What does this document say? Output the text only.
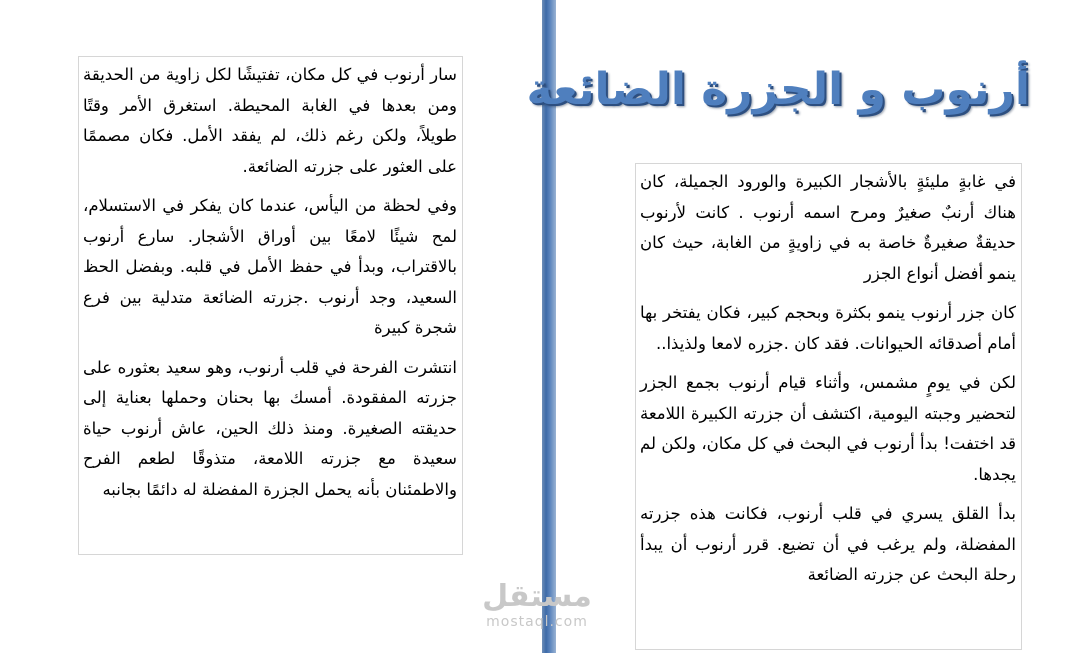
سار أرنوب في كل مكان، تفتيشًا لكل زاوية من الحديقة ومن بعدها في الغابة المحيطة. استغرق الأمر وقتًا طويلاً، ولكن رغم ذلك، لم يفقد الأمل. فكان مصممًا على العثور على جزرته الضائعة.

وفي لحظة من اليأس، عندما كان يفكر في الاستسلام، لمح شيئًا لامعًا بين أوراق الأشجار. سارع أرنوب بالاقتراب، وبدأ في حفظ الأمل في قلبه. وبفضل الحظ السعيد، وجد أرنوب .جزرته الضائعة متدلية بين فرع شجرة كبيرة

انتشرت الفرحة في قلب أرنوب، وهو سعيد بعثوره على جزرته المفقودة. أمسك بها بحنان وحملها بعناية إلى حديقته الصغيرة. ومنذ ذلك الحين، عاش أرنوب حياة سعيدة مع جزرته اللامعة، متذوقًا لطعم الفرح والاطمئنان بأنه يحمل الجزرة المفضلة له دائمًا بجانبه

أرنوب و الجزرة الضائعة

في غابةٍ مليئةٍ بالأشجار الكبيرة والورود الجميلة، كان هناك أرنبٌ صغيرٌ ومرح اسمه أرنوب . كانت لأرنوب حديقةٌ صغيرةٌ خاصة به في زاويةٍ من الغابة، حيث كان ينمو أفضل أنواع الجزر

كان جزر أرنوب ينمو بكثرة وبحجم كبير، فكان يفتخر بها أمام أصدقائه الحيوانات. فقد كان .جزره لامعا ولذيذا..

لكن في يومٍ مشمس، وأثناء قيام أرنوب بجمع الجزر لتحضير وجبته اليومية، اكتشف أن جزرته الكبيرة اللامعة قد اختفت! بدأ أرنوب في البحث في كل مكان، ولكن لم يجدها.

بدأ القلق يسري في قلب أرنوب، فكانت هذه جزرته المفضلة، ولم يرغب في أن تضيع. قرر أرنوب أن يبدأ رحلة البحث عن جزرته الضائعة

مستقل
mostaql.com
